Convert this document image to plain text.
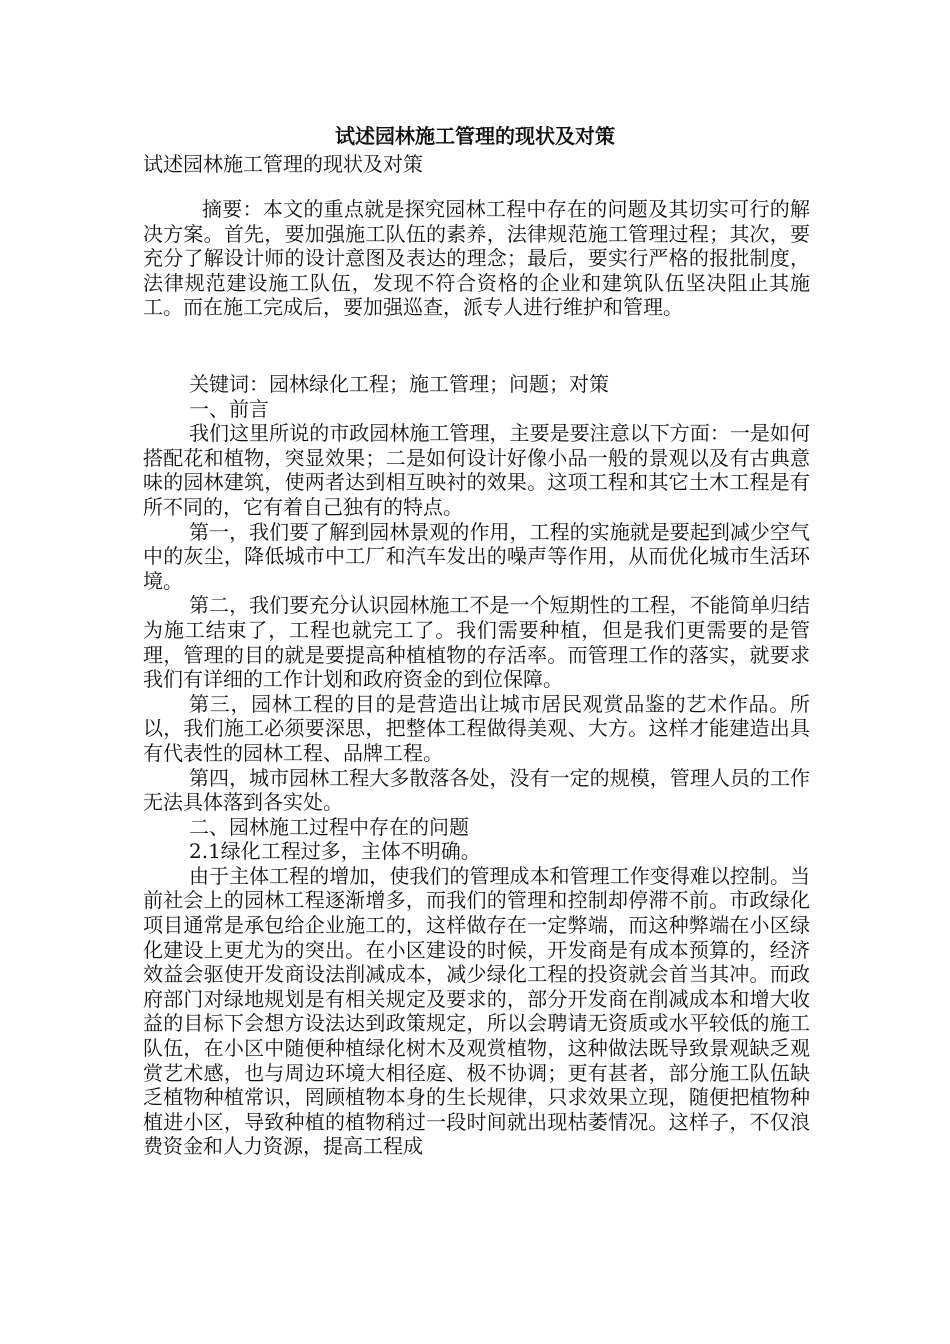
试述园林施工管理的现状及对策
试述园林施工管理的现状及对策
摘要：本文的重点就是探究园林工程中存在的问题及其切实可行的解决方案。首先，要加强施工队伍的素养，法律规范施工管理过程；其次，要充分了解设计师的设计意图及表达的理念；最后，要实行严格的报批制度，法律规范建设施工队伍，发现不符合资格的企业和建筑队伍坚决阻止其施工。而在施工完成后，要加强巡查，派专人进行维护和管理。

关键词：园林绿化工程；施工管理；问题；对策

一、前言

我们这里所说的市政园林施工管理，主要是要注意以下方面：一是如何搭配花和植物，突显效果；二是如何设计好像小品一般的景观以及有古典意味的园林建筑，使两者达到相互映衬的效果。这项工程和其它土木工程是有所不同的，它有着自己独有的特点。

第一，我们要了解到园林景观的作用，工程的实施就是要起到减少空气中的灰尘，降低城市中工厂和汽车发出的噪声等作用，从而优化城市生活环境。

第二，我们要充分认识园林施工不是一个短期性的工程，不能简单归结为施工结束了，工程也就完工了。我们需要种植，但是我们更需要的是管理，管理的目的就是要提高种植植物的存活率。而管理工作的落实，就要求我们有详细的工作计划和政府资金的到位保障。

第三，园林工程的目的是营造出让城市居民观赏品鉴的艺术作品。所以，我们施工必须要深思，把整体工程做得美观、大方。这样才能建造出具有代表性的园林工程、品牌工程。

第四，城市园林工程大多散落各处，没有一定的规模，管理人员的工作无法具体落到各实处。

二、园林施工过程中存在的问题

2.1绿化工程过多，主体不明确。

由于主体工程的增加，使我们的管理成本和管理工作变得难以控制。当前社会上的园林工程逐渐增多，而我们的管理和控制却停滞不前。市政绿化项目通常是承包给企业施工的，这样做存在一定弊端，而这种弊端在小区绿化建设上更尤为的突出。在小区建设的时候，开发商是有成本预算的，经济效益会驱使开发商设法削减成本，减少绿化工程的投资就会首当其冲。而政府部门对绿地规划是有相关规定及要求的，部分开发商在削减成本和增大收益的目标下会想方设法达到政策规定，所以会聘请无资质或水平较低的施工队伍，在小区中随便种植绿化树木及观赏植物，这种做法既导致景观缺乏观赏艺术感，也与周边环境大相径庭、极不协调；更有甚者，部分施工队伍缺乏植物种植常识，罔顾植物本身的生长规律，只求效果立现，随便把植物种植进小区，导致种植的植物稍过一段时间就出现枯萎情况。这样子，不仅浪费资金和人力资源，提高工程成
